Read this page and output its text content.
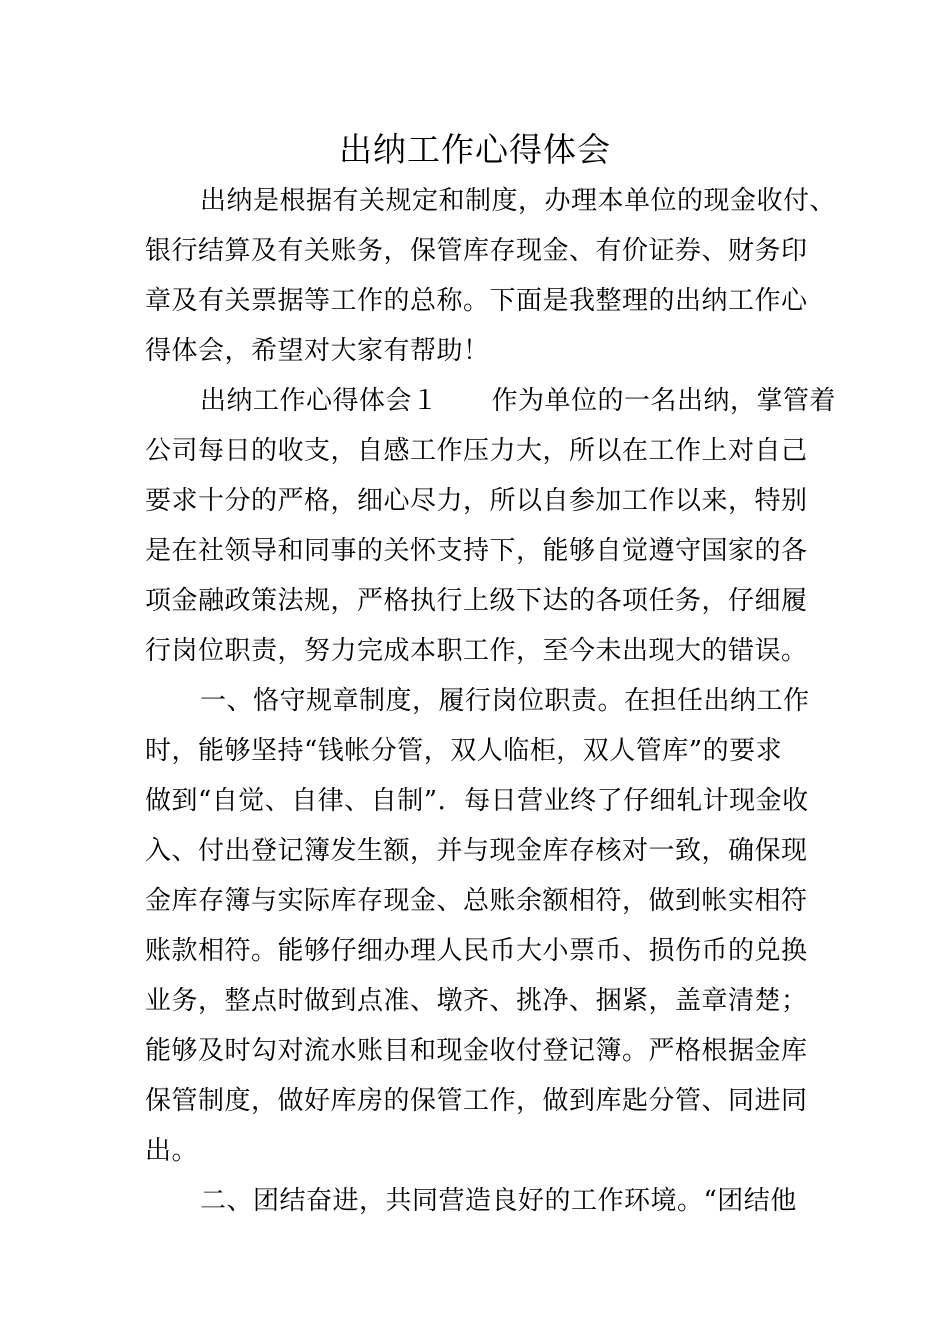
出纳工作心得体会
出纳是根据有关规定和制度，办理本单位的现金收付、
银行结算及有关账务，保管库存现金、有价证券、财务印
章及有关票据等工作的总称。下面是我整理的出纳工作心
得体会，希望对大家有帮助！
出纳工作心得体会１　　作为单位的一名出纳，掌管着
公司每日的收支，自感工作压力大，所以在工作上对自己
要求十分的严格，细心尽力，所以自参加工作以来，特别
是在社领导和同事的关怀支持下，能够自觉遵守国家的各
项金融政策法规，严格执行上级下达的各项任务，仔细履
行岗位职责，努力完成本职工作，至今未出现大的错误。
一、恪守规章制度，履行岗位职责。在担任出纳工作
时，能够坚持“钱帐分管，双人临柜，双人管库”的要求
做到“自觉、自律、自制”．每日营业终了仔细轧计现金收
入、付出登记簿发生额，并与现金库存核对一致，确保现
金库存簿与实际库存现金、总账余额相符，做到帐实相符
账款相符。能够仔细办理人民币大小票币、损伤币的兑换
业务，整点时做到点准、墩齐、挑净、捆紧，盖章清楚；
能够及时勾对流水账目和现金收付登记簿。严格根据金库
保管制度，做好库房的保管工作，做到库匙分管、同进同
出。
二、团结奋进，共同营造良好的工作环境。“团结他
